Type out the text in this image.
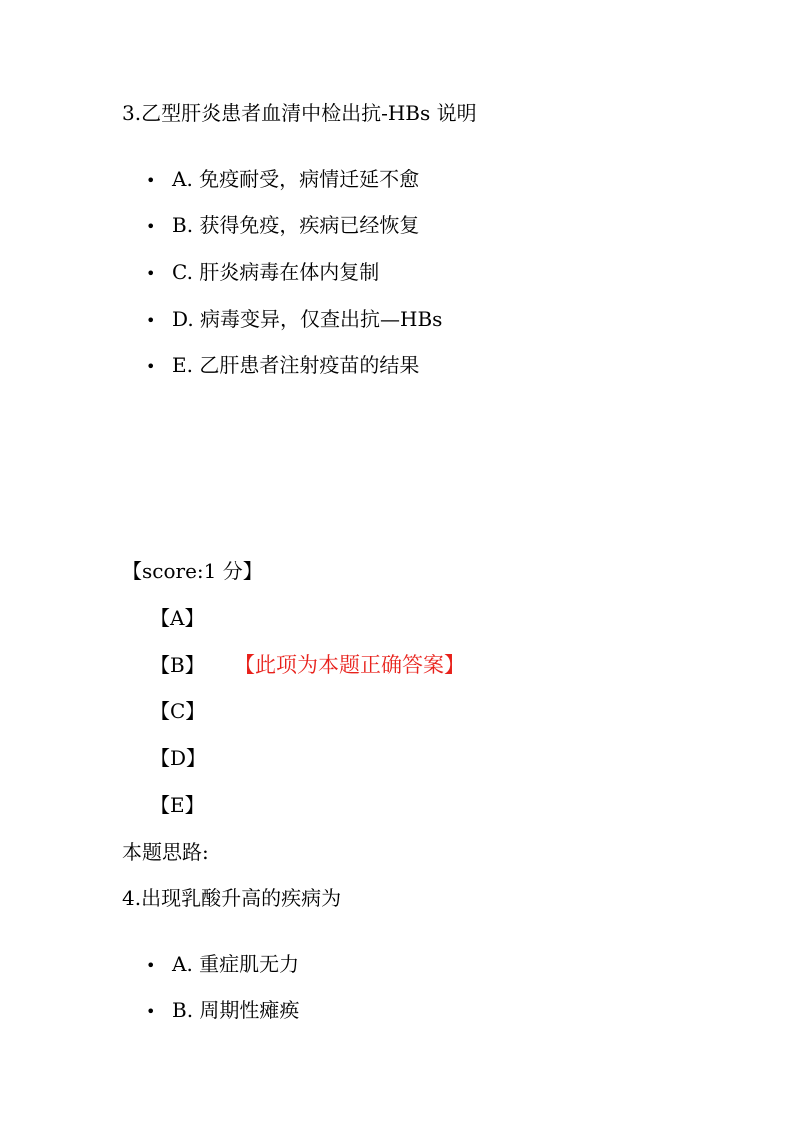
3.乙型肝炎患者血清中检出抗-HBs 说明
• A. 免疫耐受，病情迁延不愈
• B. 获得免疫，疾病已经恢复
• C. 肝炎病毒在体内复制
• D. 病毒变异，仅查出抗—HBs
• E. 乙肝患者注射疫苗的结果
【score:1 分】
【A】
【B】 【此项为本题正确答案】
【C】
【D】
【E】
本题思路:
4.出现乳酸升高的疾病为
• A. 重症肌无力
• B. 周期性瘫痪
